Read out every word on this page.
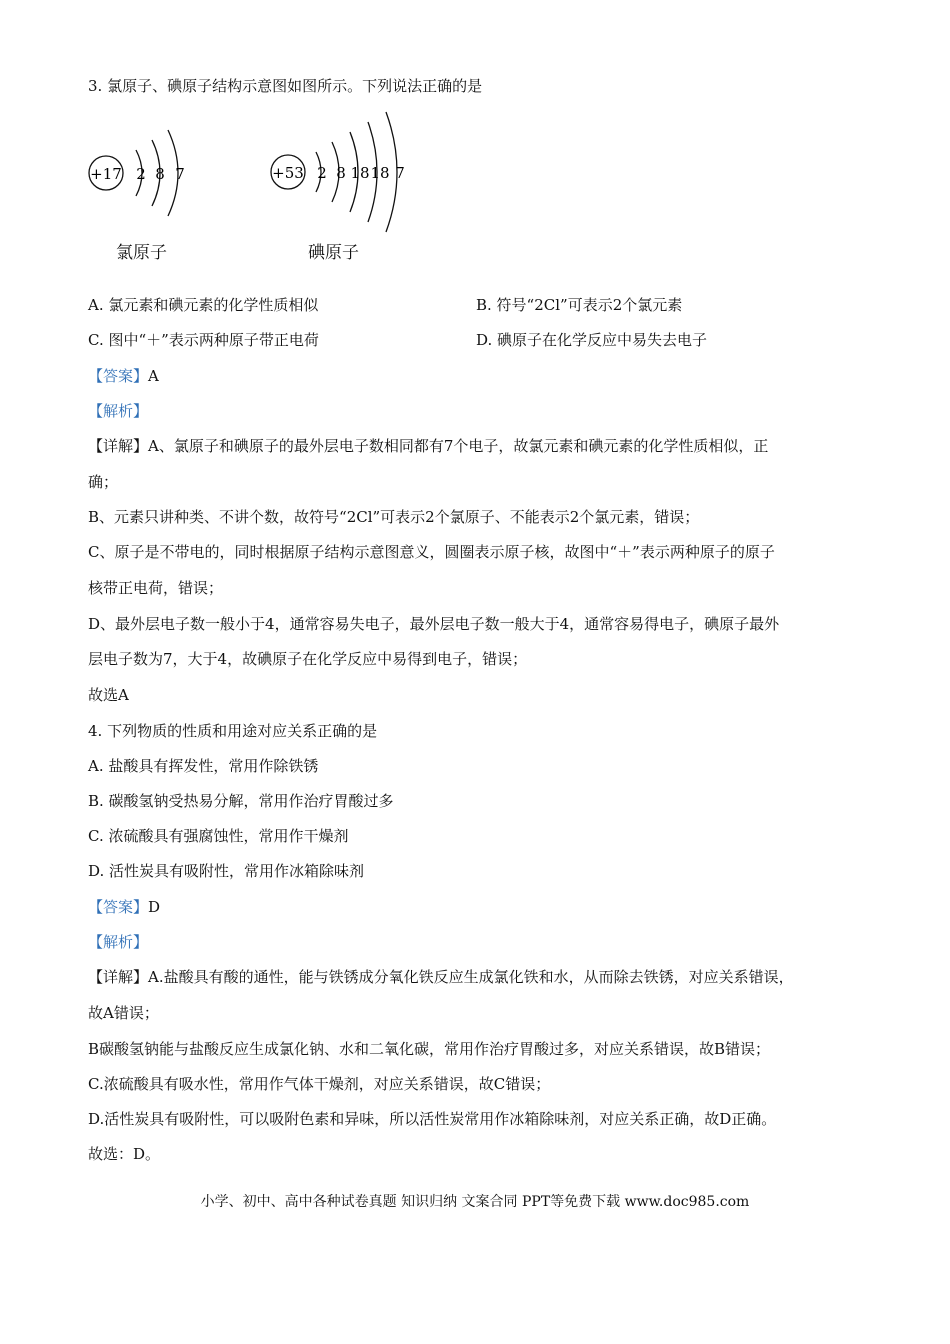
3. 氯原子、碘原子结构示意图如图所示。下列说法正确的是
+17 2 8 7
氯原子
+53 2 8 18 18 7
碘原子
A. 氯元素和碘元素的化学性质相似	B. 符号“2Cl”可表示2个氯元素
C. 图中“＋”表示两种原子带正电荷	D. 碘原子在化学反应中易失去电子
【答案】A
【解析】
【详解】A、氯原子和碘原子的最外层电子数相同都有7个电子，故氯元素和碘元素的化学性质相似，正
确；
B、元素只讲种类、不讲个数，故符号“2Cl”可表示2个氯原子、不能表示2个氯元素，错误；
C、原子是不带电的，同时根据原子结构示意图意义，圆圈表示原子核，故图中“＋”表示两种原子的原子
核带正电荷，错误；
D、最外层电子数一般小于4，通常容易失电子，最外层电子数一般大于4，通常容易得电子，碘原子最外
层电子数为7，大于4，故碘原子在化学反应中易得到电子，错误；
故选A
4. 下列物质的性质和用途对应关系正确的是
A. 盐酸具有挥发性，常用作除铁锈
B. 碳酸氢钠受热易分解，常用作治疗胃酸过多
C. 浓硫酸具有强腐蚀性，常用作干燥剂
D. 活性炭具有吸附性，常用作冰箱除味剂
【答案】D
【解析】
【详解】A.盐酸具有酸的通性，能与铁锈成分氧化铁反应生成氯化铁和水，从而除去铁锈，对应关系错误，
故A错误；
B碳酸氢钠能与盐酸反应生成氯化钠、水和二氧化碳，常用作治疗胃酸过多，对应关系错误，故B错误；
C.浓硫酸具有吸水性，常用作气体干燥剂，对应关系错误，故C错误；
D.活性炭具有吸附性，可以吸附色素和异味，所以活性炭常用作冰箱除味剂，对应关系正确，故D正确。
故选：D。
小学、初中、高中各种试卷真题 知识归纳 文案合同 PPT等免费下载 www.doc985.com
